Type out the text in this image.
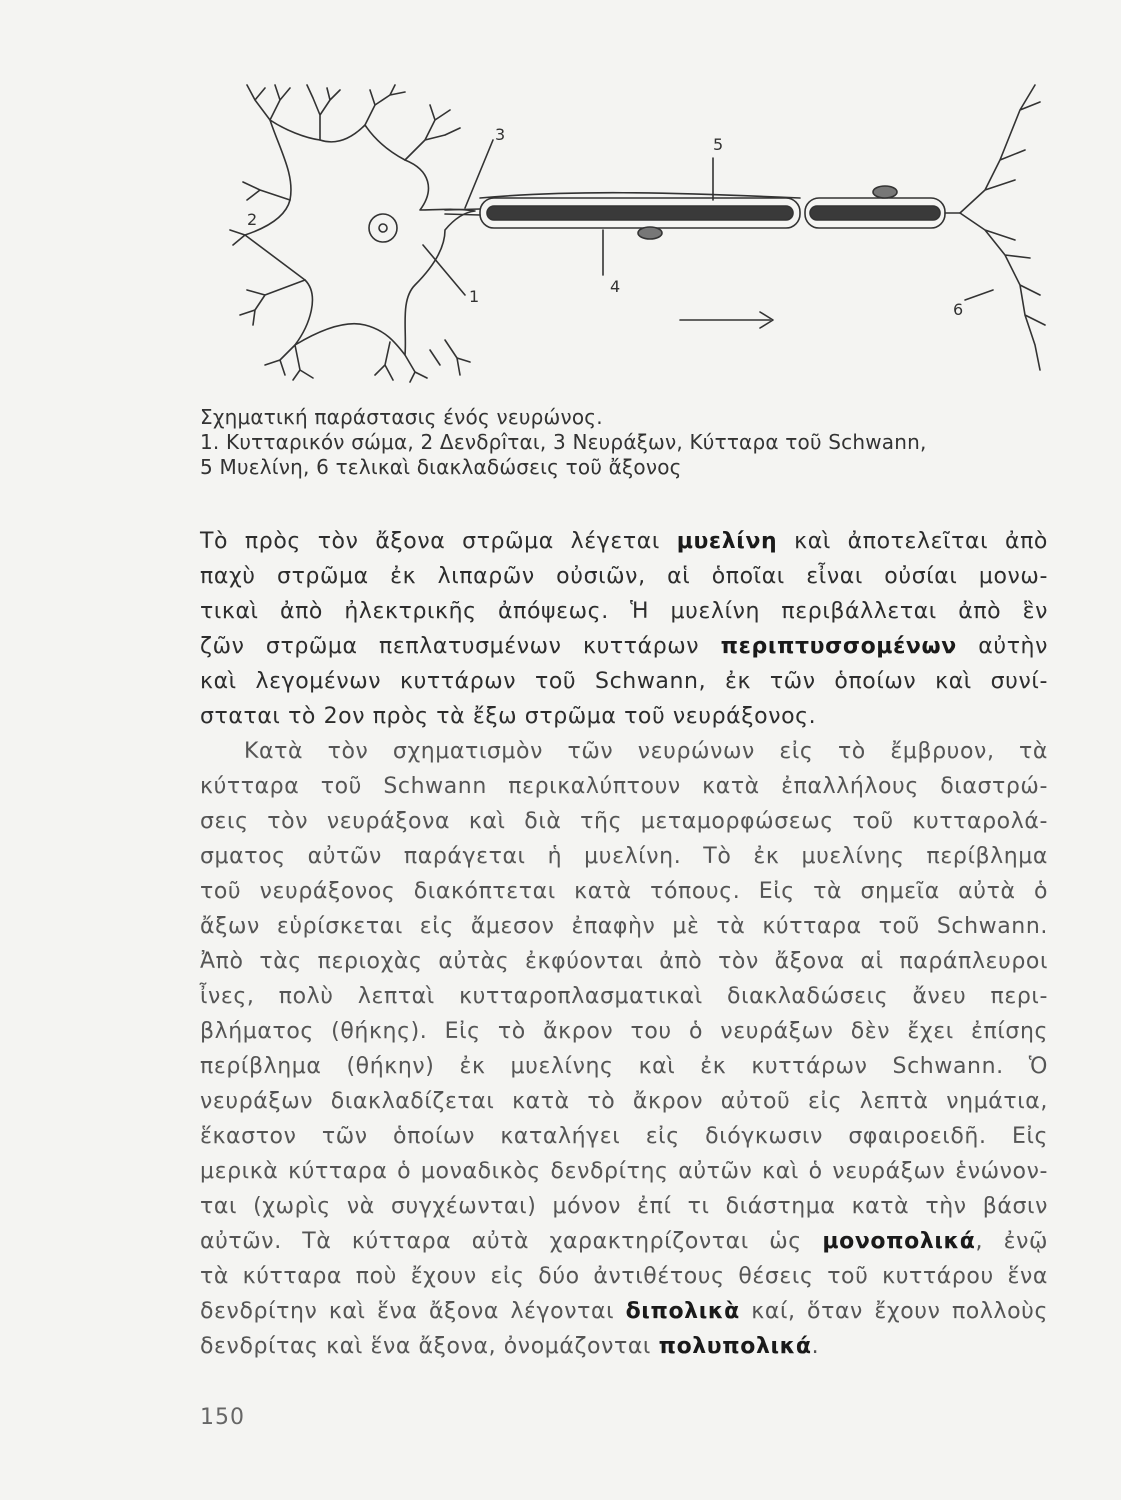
1
2
3
4
5
6
Σχηματική παράστασις ένός νευρώνος.
1. Κυτταρικόν σώμα, 2 Δενδρîται, 3 Νευράξων, Κύτταρα τοῦ Schwann,
5 Μυελίνη, 6 τελικαὶ διακλαδώσεις τοῦ ἄξονος
Τὸ πρὸς τὸν ἄξονα στρῶμα λέγεται μυελίνη καὶ ἀποτελεῖται ἀπὸ
παχὺ στρῶμα ἐκ λιπαρῶν οὐσιῶν, αἱ ὁποῖαι εἶναι οὐσίαι μονω-
τικαὶ ἀπὸ ἠλεκτρικῆς ἀπόψεως. Ἡ μυελίνη περιβάλλεται ἀπὸ ἓν
ζῶν στρῶμα πεπλατυσμένων κυττάρων περιπτυσσομένων αὐτὴν
καὶ λεγομένων κυττάρων τοῦ Schwann, ἐκ τῶν ὁποίων καὶ συνί-
σταται τὸ 2ον πρὸς τὰ ἔξω στρῶμα τοῦ νευράξονος.
Κατὰ τὸν σχηματισμὸν τῶν νευρώνων εἰς τὸ ἔμβρυον, τὰ
κύτταρα τοῦ Schwann περικαλύπτουν κατὰ ἐπαλλήλους διαστρώ-
σεις τὸν νευράξονα καὶ διὰ τῆς μεταμορφώσεως τοῦ κυτταρολά-
σματος αὐτῶν παράγεται ἡ μυελίνη. Τὸ ἐκ μυελίνης περίβλημα
τοῦ νευράξονος διακόπτεται κατὰ τόπους. Εἰς τὰ σημεῖα αὐτὰ ὁ
ἄξων εὑρίσκεται εἰς ἄμεσον ἐπαφὴν μὲ τὰ κύτταρα τοῦ Schwann.
Ἀπὸ τὰς περιοχὰς αὐτὰς ἐκφύονται ἀπὸ τὸν ἄξονα αἱ παράπλευροι
ἶνες, πολὺ λεπταὶ κυτταροπλασματικαὶ διακλαδώσεις ἄνευ περι-
βλήματος (θήκης). Εἰς τὸ ἄκρον του ὁ νευράξων δὲν ἔχει ἐπίσης
περίβλημα (θήκην) ἐκ μυελίνης καὶ ἐκ κυττάρων Schwann. Ὁ
νευράξων διακλαδίζεται κατὰ τὸ ἄκρον αὐτοῦ εἰς λεπτὰ νημάτια,
ἕκαστον τῶν ὁποίων καταλήγει εἰς διόγκωσιν σφαιροειδῆ. Εἰς
μερικὰ κύτταρα ὁ μοναδικὸς δενδρίτης αὐτῶν καὶ ὁ νευράξων ἑνώνον-
ται (χωρὶς νὰ συγχέωνται) μόνον ἐπί τι διάστημα κατὰ τὴν βάσιν
αὐτῶν. Τὰ κύτταρα αὐτὰ χαρακτηρίζονται ὡς μονοπολικά, ἐνῷ
τὰ κύτταρα ποὺ ἔχουν εἰς δύο ἀντιθέτους θέσεις τοῦ κυττάρου ἕνα
δενδρίτην καὶ ἕνα ἄξονα λέγονται διπολικὰ καί, ὅταν ἔχουν πολλοὺς
δενδρίτας καὶ ἕνα ἄξονα, ὀνομάζονται πολυπολικά.
150
